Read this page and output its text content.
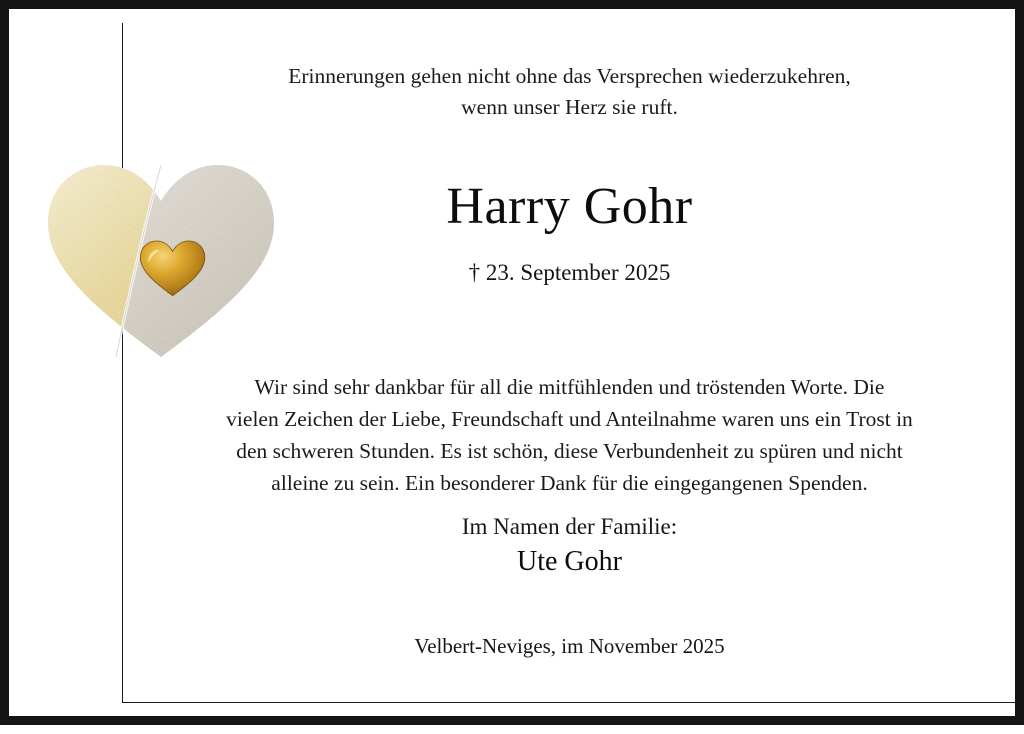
Erinnerungen gehen nicht ohne das Versprechen wiederzukehren,
wenn unser Herz sie ruft.
Harry Gohr
† 23. September 2025
Wir sind sehr dankbar für all die mitfühlenden und tröstenden Worte. Die
vielen Zeichen der Liebe, Freundschaft und Anteilnahme waren uns ein Trost in
den schweren Stunden. Es ist schön, diese Verbundenheit zu spüren und nicht
alleine zu sein. Ein besonderer Dank für die eingegangenen Spenden.
Im Namen der Familie:
Ute Gohr
Velbert-Neviges, im November 2025
